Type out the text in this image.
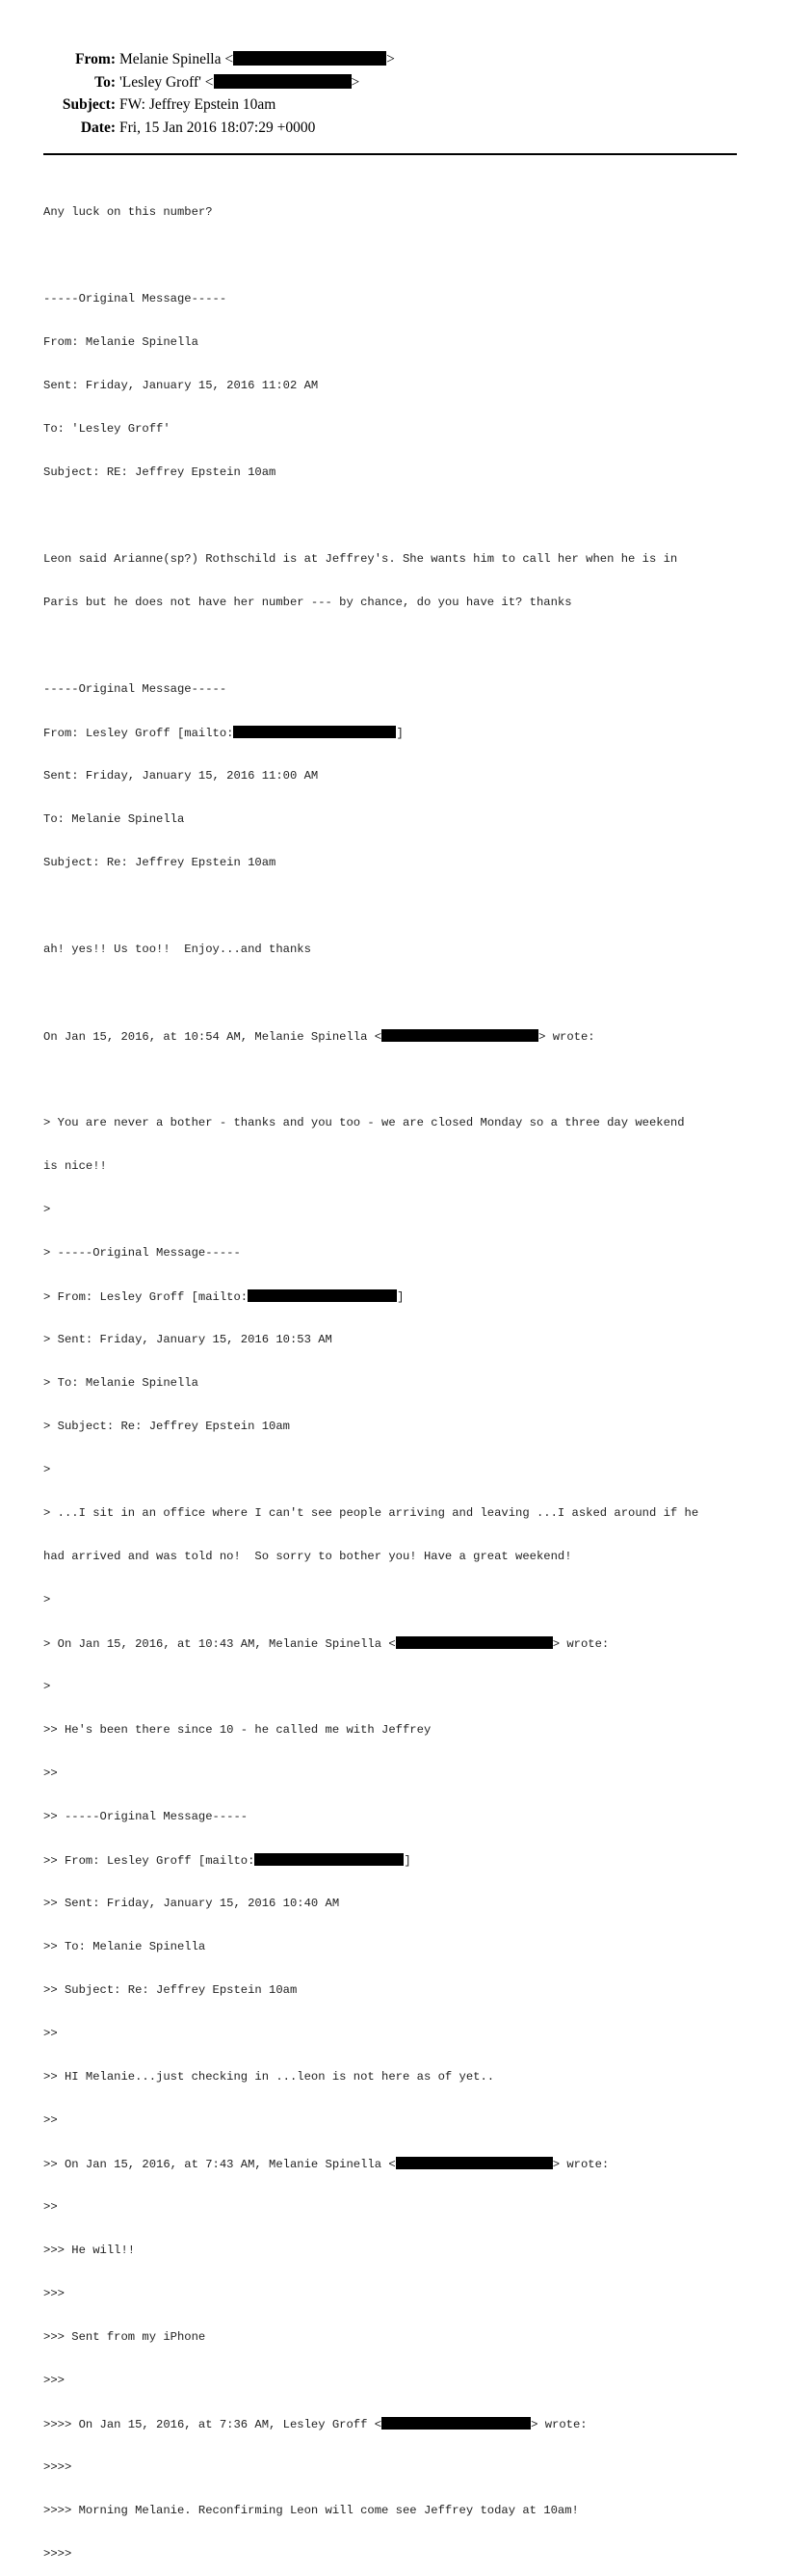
From: Melanie Spinella <	>
To: 'Lesley Groff' <	>
Subject: FW: Jeffrey Epstein 10am
Date: Fri, 15 Jan 2016 18:07:29 +0000

Any luck on this number?

-----Original Message-----

From: Melanie Spinella

Sent: Friday, January 15, 2016 11:02 AM

To: 'Lesley Groff'

Subject: RE: Jeffrey Epstein 10am

Leon said Arianne(sp?) Rothschild is at Jeffrey's. She wants him to call her when he is in

Paris but he does not have her number --- by chance, do you have it? thanks

-----Original Message-----

From: Lesley Groff [mailto:	]

Sent: Friday, January 15, 2016 11:00 AM

To: Melanie Spinella

Subject: Re: Jeffrey Epstein 10am

ah! yes!! Us too!!  Enjoy...and thanks

On Jan 15, 2016, at 10:54 AM, Melanie Spinella <	> wrote:

> You are never a bother - thanks and you too - we are closed Monday so a three day weekend

is nice!!

>

> -----Original Message-----

> From: Lesley Groff [mailto:	]

> Sent: Friday, January 15, 2016 10:53 AM

> To: Melanie Spinella

> Subject: Re: Jeffrey Epstein 10am

>

> ...I sit in an office where I can't see people arriving and leaving ...I asked around if he

had arrived and was told no!  So sorry to bother you! Have a great weekend!

>

> On Jan 15, 2016, at 10:43 AM, Melanie Spinella <	> wrote:

>

>> He's been there since 10 - he called me with Jeffrey

>>

>> -----Original Message-----

>> From: Lesley Groff [mailto:	]

>> Sent: Friday, January 15, 2016 10:40 AM

>> To: Melanie Spinella

>> Subject: Re: Jeffrey Epstein 10am

>>

>> HI Melanie...just checking in ...leon is not here as of yet..

>>

>> On Jan 15, 2016, at 7:43 AM, Melanie Spinella <	> wrote:

>>

>>> He will!!

>>>

>>> Sent from my iPhone

>>>

>>>> On Jan 15, 2016, at 7:36 AM, Lesley Groff <	> wrote:

>>>>

>>>> Morning Melanie. Reconfirming Leon will come see Jeffrey today at 10am!

>>>>
